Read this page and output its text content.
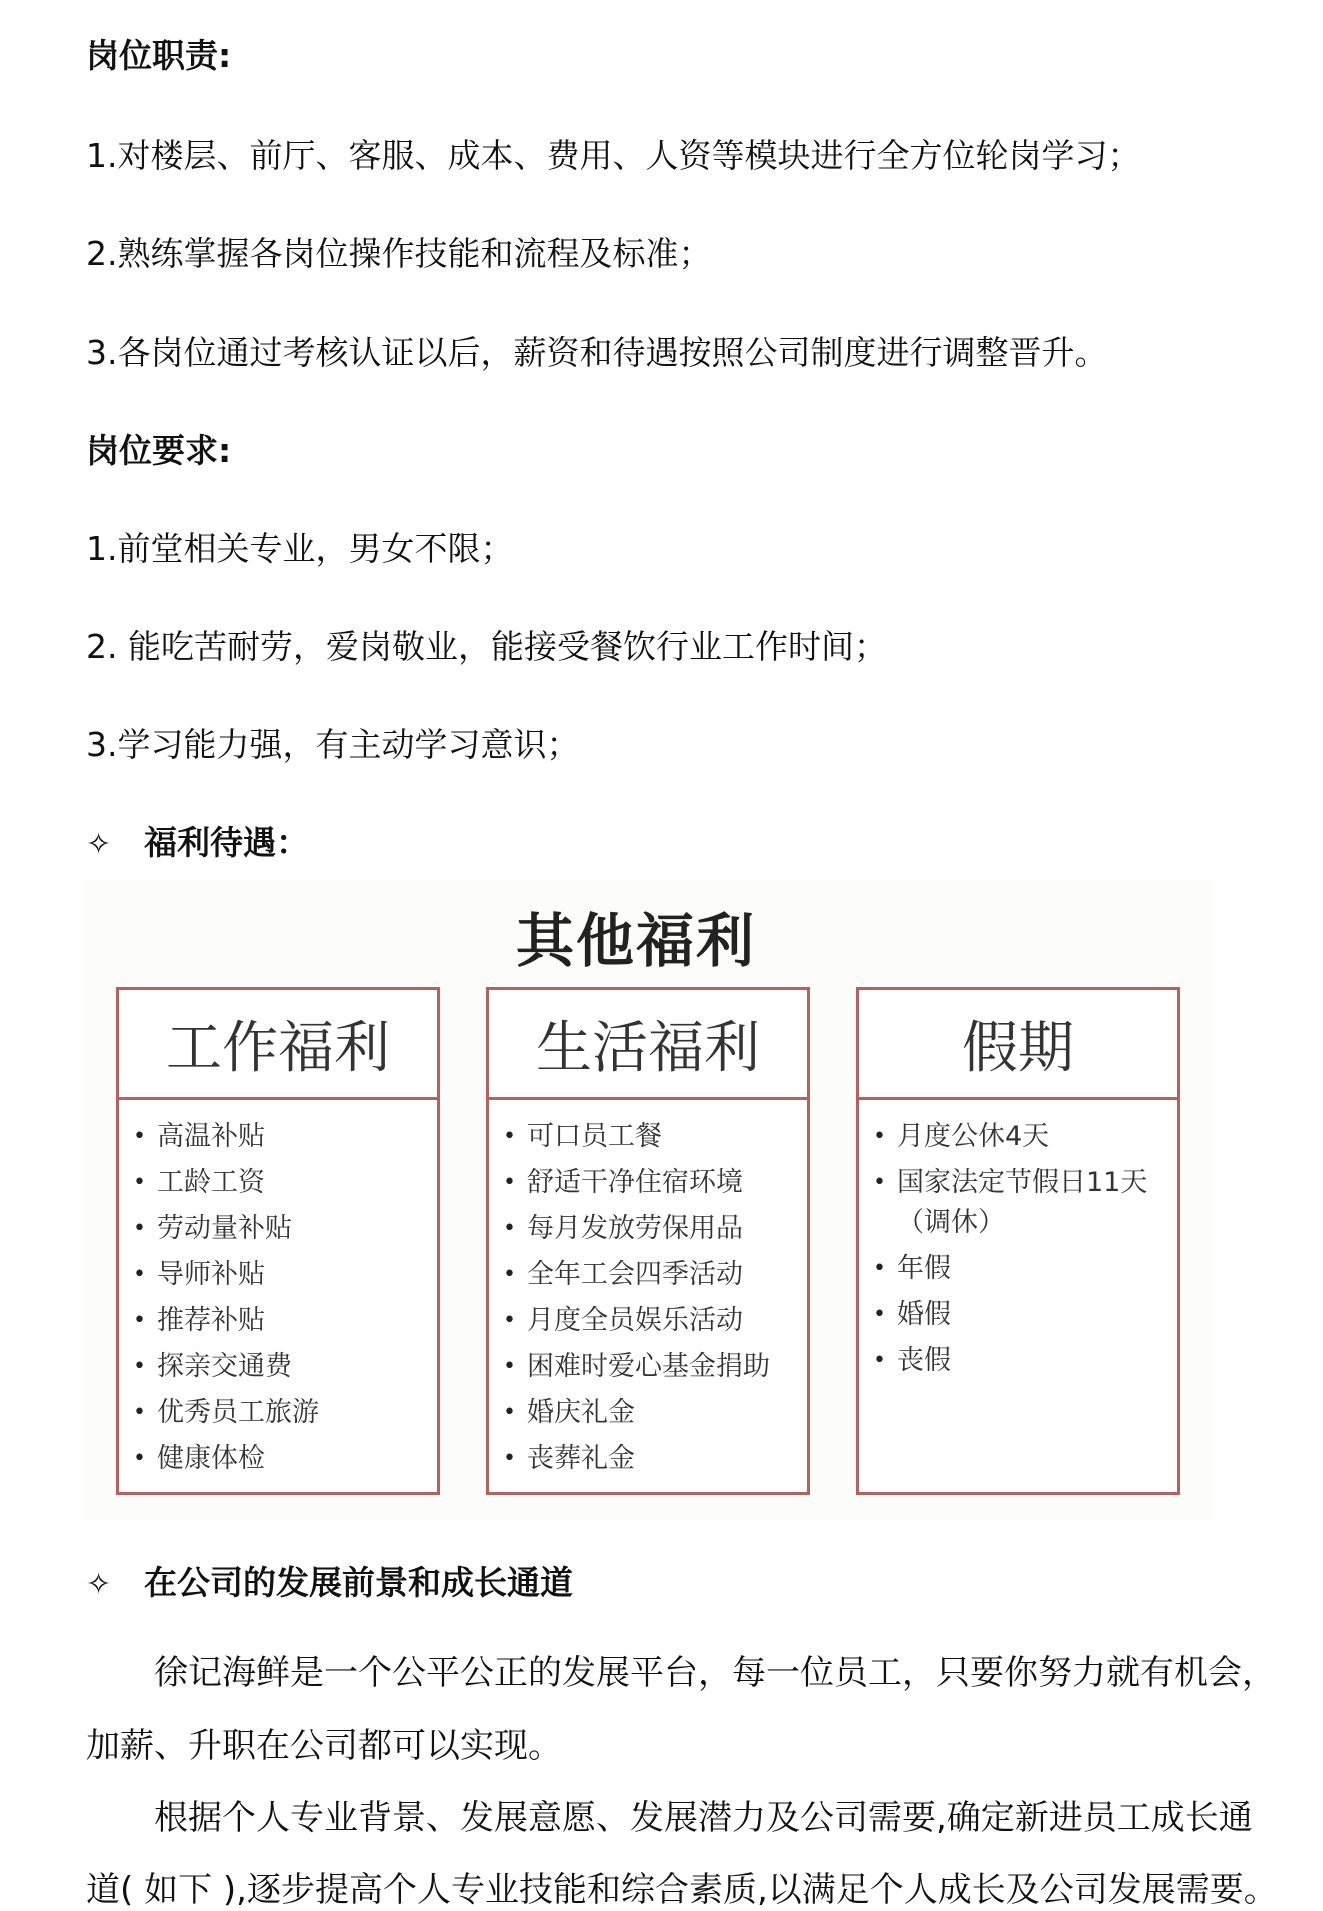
岗位职责:

1.对楼层、前厅、客服、成本、费用、人资等模块进行全方位轮岗学习；

2.熟练掌握各岗位操作技能和流程及标准；

3.各岗位通过考核认证以后，薪资和待遇按照公司制度进行调整晋升。

岗位要求:

1.前堂相关专业，男女不限；

2. 能吃苦耐劳，爱岗敬业，能接受餐饮行业工作时间；

3.学习能力强，有主动学习意识；

✧ 福利待遇：
其他福利
工作福利
• 高温补贴
• 工龄工资
• 劳动量补贴
• 导师补贴
• 推荐补贴
• 探亲交通费
• 优秀员工旅游
• 健康体检
生活福利
• 可口员工餐
• 舒适干净住宿环境
• 每月发放劳保用品
• 全年工会四季活动
• 月度全员娱乐活动
• 困难时爱心基金捐助
• 婚庆礼金
• 丧葬礼金
假期
• 月度公休4天
• 国家法定节假日11天（调休）
• 年假
• 婚假
• 丧假
✧ 在公司的发展前景和成长通道

徐记海鲜是一个公平公正的发展平台，每一位员工，只要你努力就有机会，

加薪、升职在公司都可以实现。

根据个人专业背景、发展意愿、发展潜力及公司需要,确定新进员工成长通

道( 如下 ),逐步提高个人专业技能和综合素质,以满足个人成长及公司发展需要。
